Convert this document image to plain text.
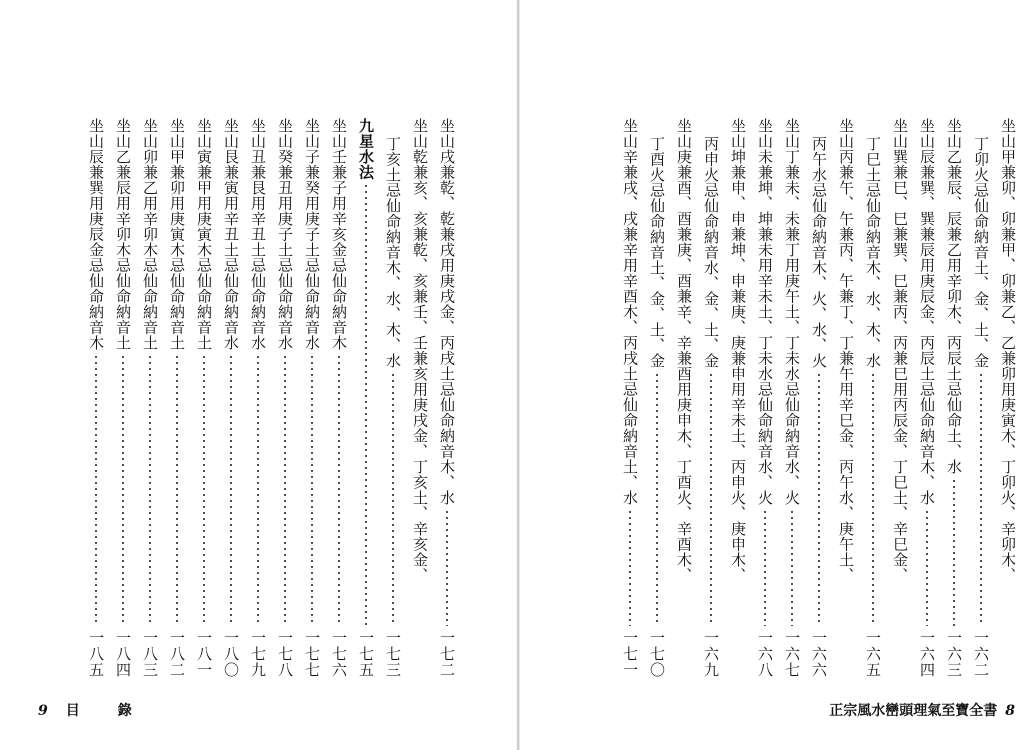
坐山甲兼卯、卯兼甲、卯兼乙、乙兼卯用庚寅木、丁卯火、辛卯木、
丁卯火忌仙命納音土、金、土、金
一六二
坐山乙兼辰、辰兼乙用辛卯木、丙辰土忌仙命土、水
一六三
坐山辰兼巽、巽兼辰用庚辰金、丙辰土忌仙命納音木、水
一六四
坐山巽兼巳、巳兼巽、巳兼丙、丙兼巳用丙辰金、丁巳土、辛巳金、
丁巳土忌仙命納音木、水、木、水
一六五
坐山丙兼午、午兼丙、午兼丁、丁兼午用辛巳金、丙午水、庚午土、
丙午水忌仙命納音木、火、水、火
一六六
坐山丁兼未、未兼丁用庚午土、丁未水忌仙命納音水、火
一六七
坐山未兼坤、坤兼未用辛未土、丁未水忌仙命納音水、火
一六八
坐山坤兼申、申兼坤、申兼庚、庚兼申用辛未土、丙申火、庚申木、
丙申火忌仙命納音水、金、土、金
一六九
坐山庚兼酉、酉兼庚、酉兼辛、辛兼酉用庚申木、丁酉火、辛酉木、
丁酉火忌仙命納音土、金、土、金
一七〇
坐山辛兼戌、戌兼辛用辛酉木、丙戌土忌仙命納音土、水
一七一
正宗風水巒頭理氣至寶全書 8
坐山戌兼乾、乾兼戌用庚戌金、丙戌土忌仙命納音木、水
一七二
坐山乾兼亥、亥兼乾、亥兼壬、壬兼亥用庚戌金、丁亥土、辛亥金、
丁亥土忌仙命納音木、水、木、水
一七三
九星水法
一七五
坐山壬兼子用辛亥金忌仙命納音木
一七六
坐山子兼癸用庚子土忌仙命納音水
一七七
坐山癸兼丑用庚子土忌仙命納音水
一七八
坐山丑兼艮用辛丑土忌仙命納音水
一七九
坐山艮兼寅用辛丑土忌仙命納音水
一八〇
坐山寅兼甲用庚寅木忌仙命納音土
一八一
坐山甲兼卯用庚寅木忌仙命納音土
一八二
坐山卯兼乙用辛卯木忌仙命納音土
一八三
坐山乙兼辰用辛卯木忌仙命納音土
一八四
坐山辰兼巽用庚辰金忌仙命納音木
一八五
9 目	錄
